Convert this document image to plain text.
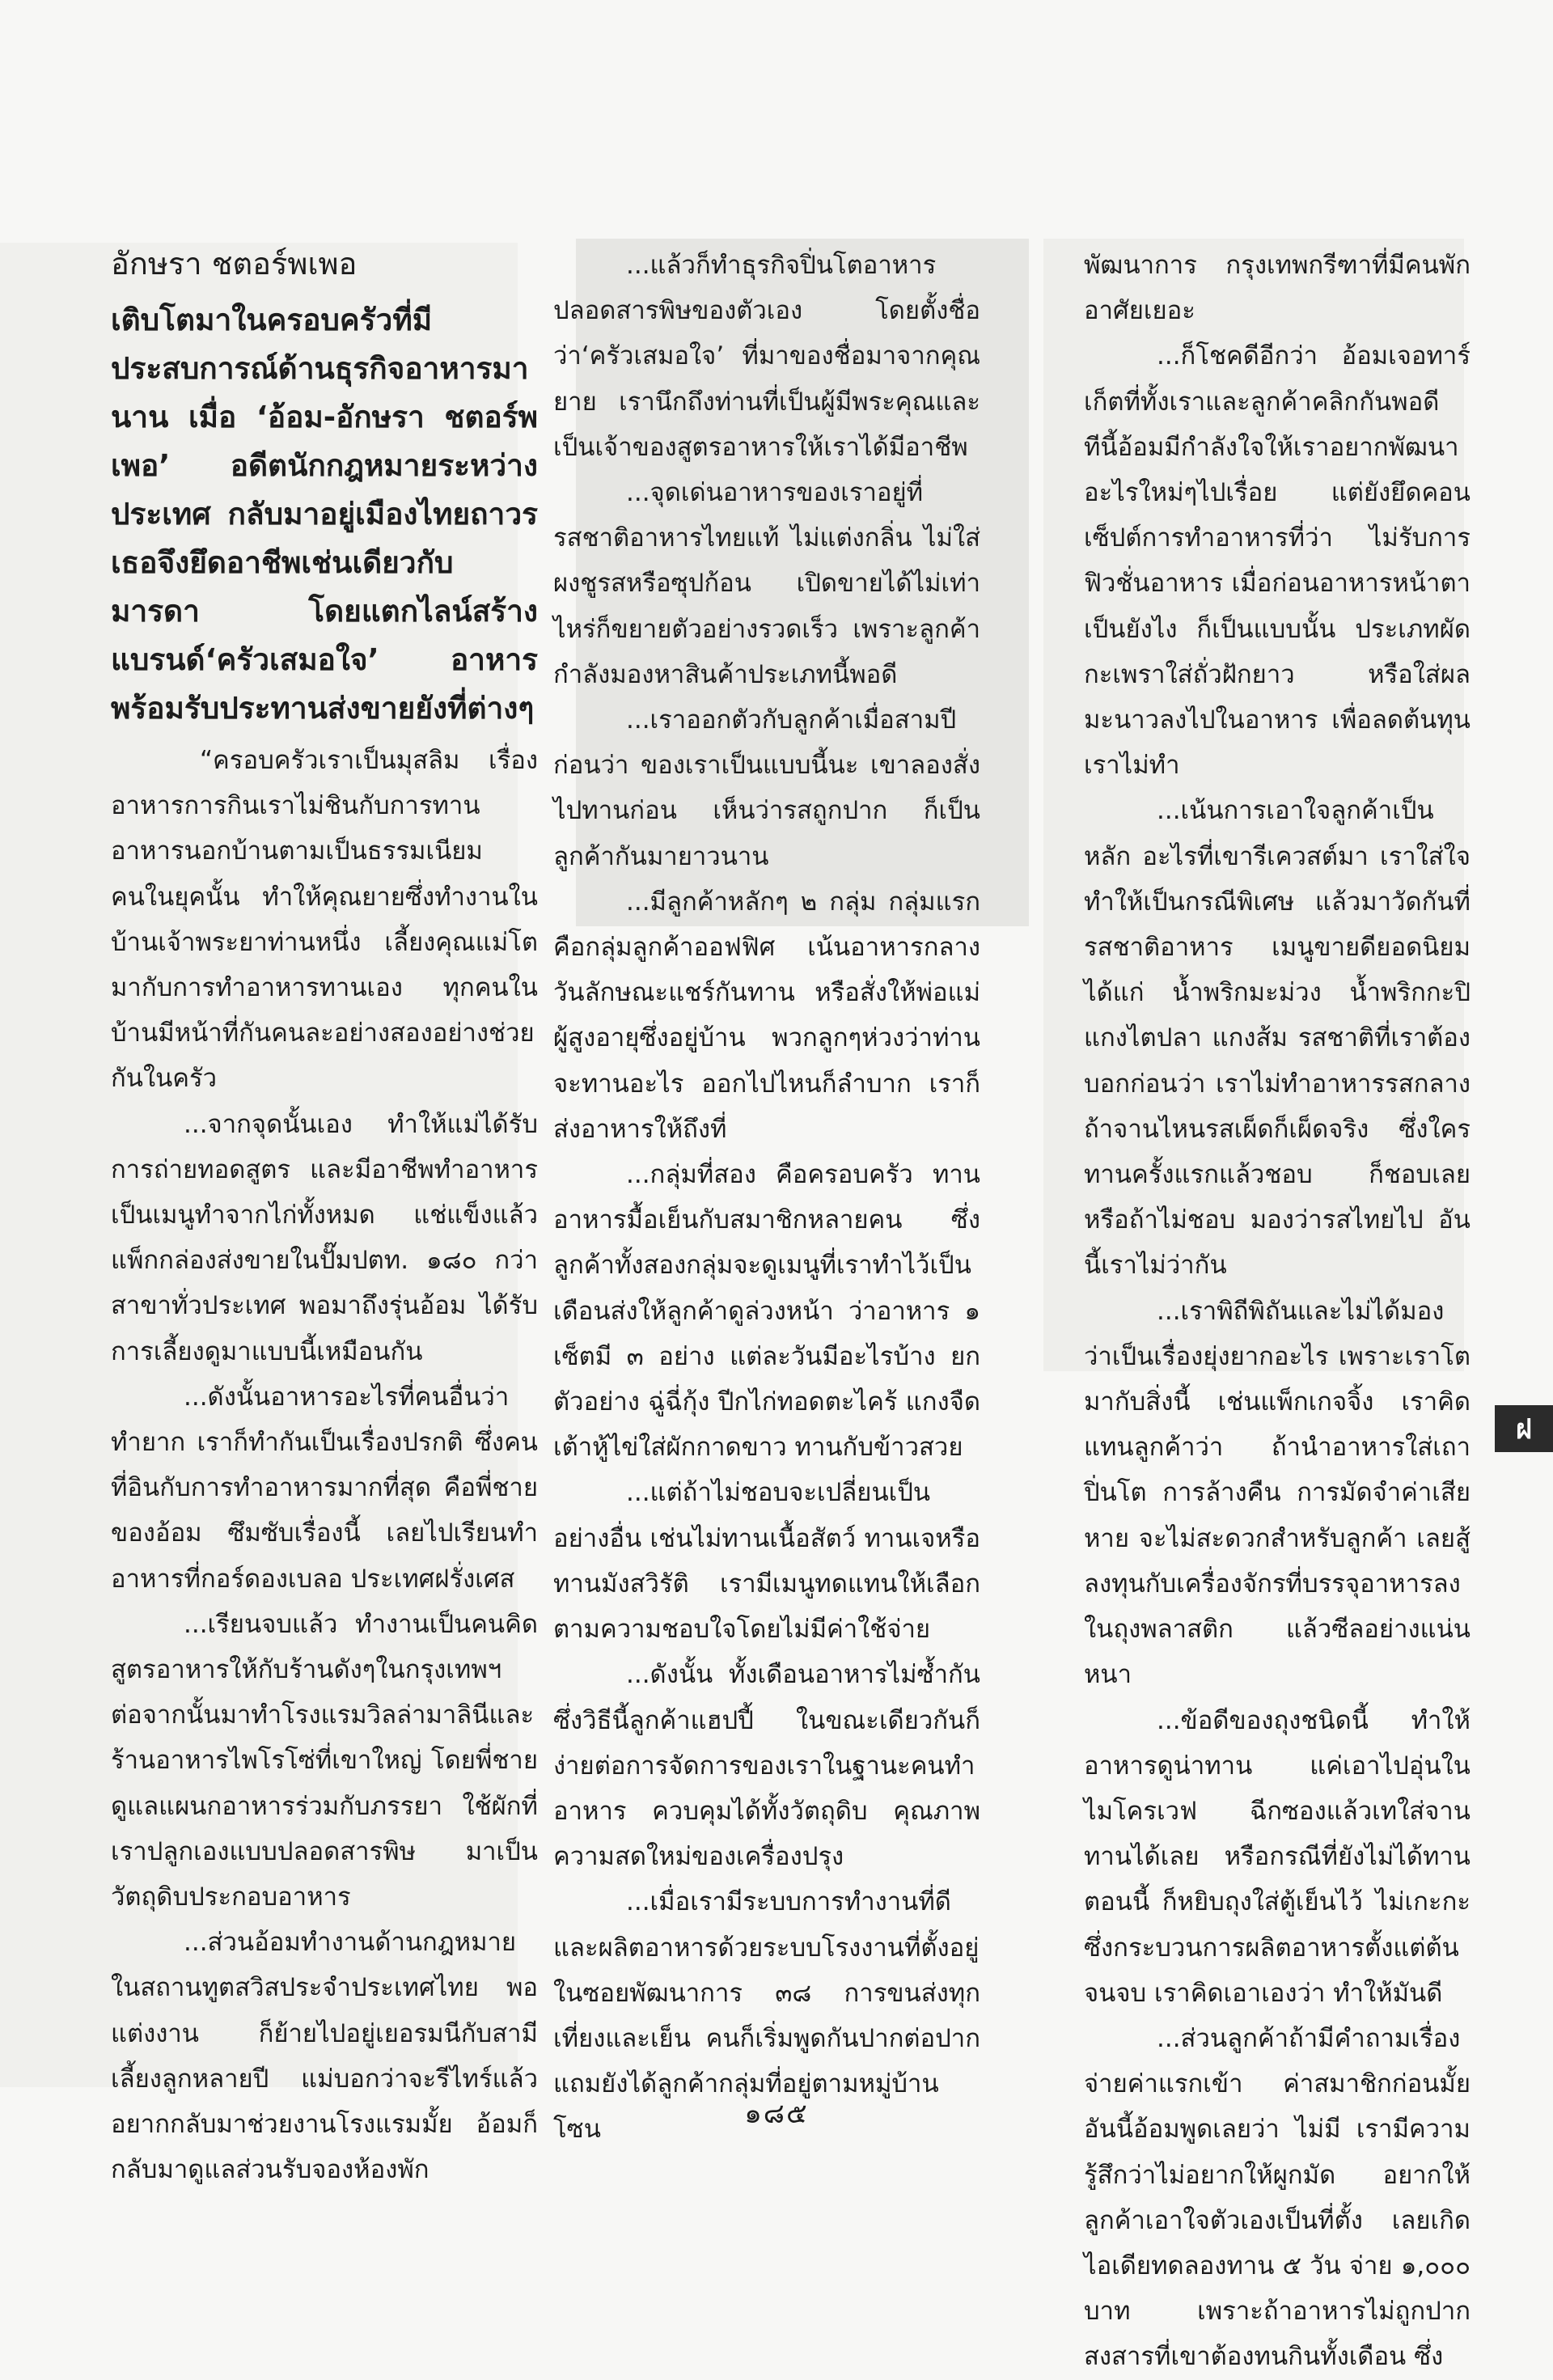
อักษรา ชตอร์พเพอ

เติบโตมาในครอบครัวที่มีประสบการณ์ด้านธุรกิจอาหารมานาน เมื่อ ‘อ้อม-อักษรา ชตอร์พเพอ’ อดีตนักกฎหมายระหว่างประเทศ กลับมาอยู่เมืองไทยถาวร เธอจึงยึดอาชีพเช่นเดียวกับมารดา โดยแตกไลน์สร้างแบรนด์‘ครัวเสมอใจ’ อาหารพร้อมรับประทานส่งขายยังที่ต่างๆ

“ครอบครัวเราเป็นมุสลิม เรื่องอาหารการกินเราไม่ชินกับการทานอาหารนอกบ้านตามเป็นธรรมเนียมคนในยุคนั้น ทำให้คุณยายซึ่งทำงานในบ้านเจ้าพระยาท่านหนึ่ง เลี้ยงคุณแม่โตมากับการทำอาหารทานเอง ทุกคนในบ้านมีหน้าที่กันคนละอย่างสองอย่างช่วยกันในครัว

...จากจุดนั้นเอง ทำให้แม่ได้รับการถ่ายทอดสูตร และมีอาชีพทำอาหารเป็นเมนูทำจากไก่ทั้งหมด แช่แข็งแล้วแพ็กกล่องส่งขายในปั๊มปตท. ๑๘๐ กว่าสาขาทั่วประเทศ พอมาถึงรุ่นอ้อม ได้รับการเลี้ยงดูมาแบบนี้เหมือนกัน

...ดังนั้นอาหารอะไรที่คนอื่นว่าทำยาก เราก็ทำกันเป็นเรื่องปรกติ ซึ่งคนที่อินกับการทำอาหารมากที่สุด คือพี่ชายของอ้อม ซึมซับเรื่องนี้ เลยไปเรียนทำอาหารที่กอร์ดองเบลอ ประเทศฝรั่งเศส

...เรียนจบแล้ว ทำงานเป็นคนคิดสูตรอาหารให้กับร้านดังๆในกรุงเทพฯ ต่อจากนั้นมาทำโรงแรมวิลล่ามาลินีและร้านอาหารไพโรโซ่ที่เขาใหญ่ โดยพี่ชายดูแลแผนกอาหารร่วมกับภรรยา ใช้ผักที่เราปลูกเองแบบปลอดสารพิษ มาเป็นวัตถุดิบประกอบอาหาร

...ส่วนอ้อมทำงานด้านกฎหมายในสถานทูตสวิสประจำประเทศไทย พอแต่งงาน ก็ย้ายไปอยู่เยอรมนีกับสามี เลี้ยงลูกหลายปี แม่บอกว่าจะรีไทร์แล้ว อยากกลับมาช่วยงานโรงแรมมั้ย อ้อมก็กลับมาดูแลส่วนรับจองห้องพัก

...แล้วก็ทำธุรกิจปิ่นโตอาหารปลอดสารพิษของตัวเอง โดยตั้งชื่อว่า‘ครัวเสมอใจ’ ที่มาของชื่อมาจากคุณยาย เรานึกถึงท่านที่เป็นผู้มีพระคุณและเป็นเจ้าของสูตรอาหารให้เราได้มีอาชีพ

...จุดเด่นอาหารของเราอยู่ที่รสชาติอาหารไทยแท้ ไม่แต่งกลิ่น ไม่ใส่ผงชูรสหรือซุปก้อน เปิดขายได้ไม่เท่าไหร่ก็ขยายตัวอย่างรวดเร็ว เพราะลูกค้ากำลังมองหาสินค้าประเภทนี้พอดี

...เราออกตัวกับลูกค้าเมื่อสามปีก่อนว่า ของเราเป็นแบบนี้นะ เขาลองสั่งไปทานก่อน เห็นว่ารสถูกปาก ก็เป็นลูกค้ากันมายาวนาน

...มีลูกค้าหลักๆ ๒ กลุ่ม กลุ่มแรกคือกลุ่มลูกค้าออฟฟิศ เน้นอาหารกลางวันลักษณะแชร์กันทาน หรือสั่งให้พ่อแม่ผู้สูงอายุซึ่งอยู่บ้าน พวกลูกๆห่วงว่าท่านจะทานอะไร ออกไปไหนก็ลำบาก เราก็ส่งอาหารให้ถึงที่

...กลุ่มที่สอง คือครอบครัว ทานอาหารมื้อเย็นกับสมาชิกหลายคน ซึ่งลูกค้าทั้งสองกลุ่มจะดูเมนูที่เราทำไว้เป็นเดือนส่งให้ลูกค้าดูล่วงหน้า ว่าอาหาร ๑ เซ็ตมี ๓ อย่าง แต่ละวันมีอะไรบ้าง ยกตัวอย่าง ฉู่ฉี่กุ้ง ปีกไก่ทอดตะไคร้ แกงจืดเต้าหู้ไข่ใส่ผักกาดขาว ทานกับข้าวสวย

...แต่ถ้าไม่ชอบจะเปลี่ยนเป็นอย่างอื่น เช่นไม่ทานเนื้อสัตว์ ทานเจหรือทานมังสวิรัติ เรามีเมนูทดแทนให้เลือกตามความชอบใจโดยไม่มีค่าใช้จ่าย

...ดังนั้น ทั้งเดือนอาหารไม่ซ้ำกัน ซึ่งวิธีนี้ลูกค้าแฮปปี้ ในขณะเดียวกันก็ง่ายต่อการจัดการของเราในฐานะคนทำอาหาร ควบคุมได้ทั้งวัตถุดิบ คุณภาพความสดใหม่ของเครื่องปรุง

...เมื่อเรามีระบบการทำงานที่ดีและผลิตอาหารด้วยระบบโรงงานที่ตั้งอยู่ในซอยพัฒนาการ ๓๘ การขนส่งทุกเที่ยงและเย็น คนก็เริ่มพูดกันปากต่อปาก แถมยังได้ลูกค้ากลุ่มที่อยู่ตามหมู่บ้านโซน

พัฒนาการ กรุงเทพกรีฑาที่มีคนพักอาศัยเยอะ

...ก็โชคดีอีกว่า อ้อมเจอทาร์เก็ตที่ทั้งเราและลูกค้าคลิกกันพอดี ทีนี้อ้อมมีกำลังใจให้เราอยากพัฒนาอะไรใหม่ๆไปเรื่อย แต่ยังยึดคอนเซ็ปต์การทำอาหารที่ว่า ไม่รับการฟิวชั่นอาหาร เมื่อก่อนอาหารหน้าตาเป็นยังไง ก็เป็นแบบนั้น ประเภทผัดกะเพราใส่ถั่วฝักยาว หรือใส่ผลมะนาวลงไปในอาหาร เพื่อลดต้นทุน เราไม่ทำ

...เน้นการเอาใจลูกค้าเป็นหลัก อะไรที่เขารีเควสต์มา เราใส่ใจทำให้เป็นกรณีพิเศษ แล้วมาวัดกันที่รสชาติอาหาร เมนูขายดียอดนิยม ได้แก่ น้ำพริกมะม่วง น้ำพริกกะปิ แกงไตปลา แกงส้ม รสชาติที่เราต้องบอกก่อนว่า เราไม่ทำอาหารรสกลาง ถ้าจานไหนรสเผ็ดก็เผ็ดจริง ซึ่งใครทานครั้งแรกแล้วชอบ ก็ชอบเลย หรือถ้าไม่ชอบ มองว่ารสไทยไป อันนี้เราไม่ว่ากัน

...เราพิถีพิถันและไม่ได้มองว่าเป็นเรื่องยุ่งยากอะไร เพราะเราโตมากับสิ่งนี้ เช่นแพ็กเกจจิ้ง เราคิดแทนลูกค้าว่า ถ้านำอาหารใส่เถาปิ่นโต การล้างคืน การมัดจำค่าเสียหาย จะไม่สะดวกสำหรับลูกค้า เลยสู้ลงทุนกับเครื่องจักรที่บรรจุอาหารลงในถุงพลาสติก แล้วซีลอย่างแน่นหนา

...ข้อดีของถุงชนิดนี้ ทำให้อาหารดูน่าทาน แค่เอาไปอุ่นในไมโครเวฟ ฉีกซองแล้วเทใส่จานทานได้เลย หรือกรณีที่ยังไม่ได้ทานตอนนี้ ก็หยิบถุงใส่ตู้เย็นไว้ ไม่เกะกะ ซึ่งกระบวนการผลิตอาหารตั้งแต่ต้นจนจบ เราคิดเอาเองว่า ทำให้มันดี

...ส่วนลูกค้าถ้ามีคำถามเรื่องจ่ายค่าแรกเข้า ค่าสมาชิกก่อนมั้ย อันนี้อ้อมพูดเลยว่า ไม่มี เรามีความรู้สึกว่าไม่อยากให้ผูกมัด อยากให้ลูกค้าเอาใจตัวเองเป็นที่ตั้ง เลยเกิดไอเดียทดลองทาน ๕ วัน จ่าย ๑,๐๐๐ บาท เพราะถ้าอาหารไม่ถูกปาก สงสารที่เขาต้องทนกินทั้งเดือน ซึ่ง

ฝ
๑๘๕
